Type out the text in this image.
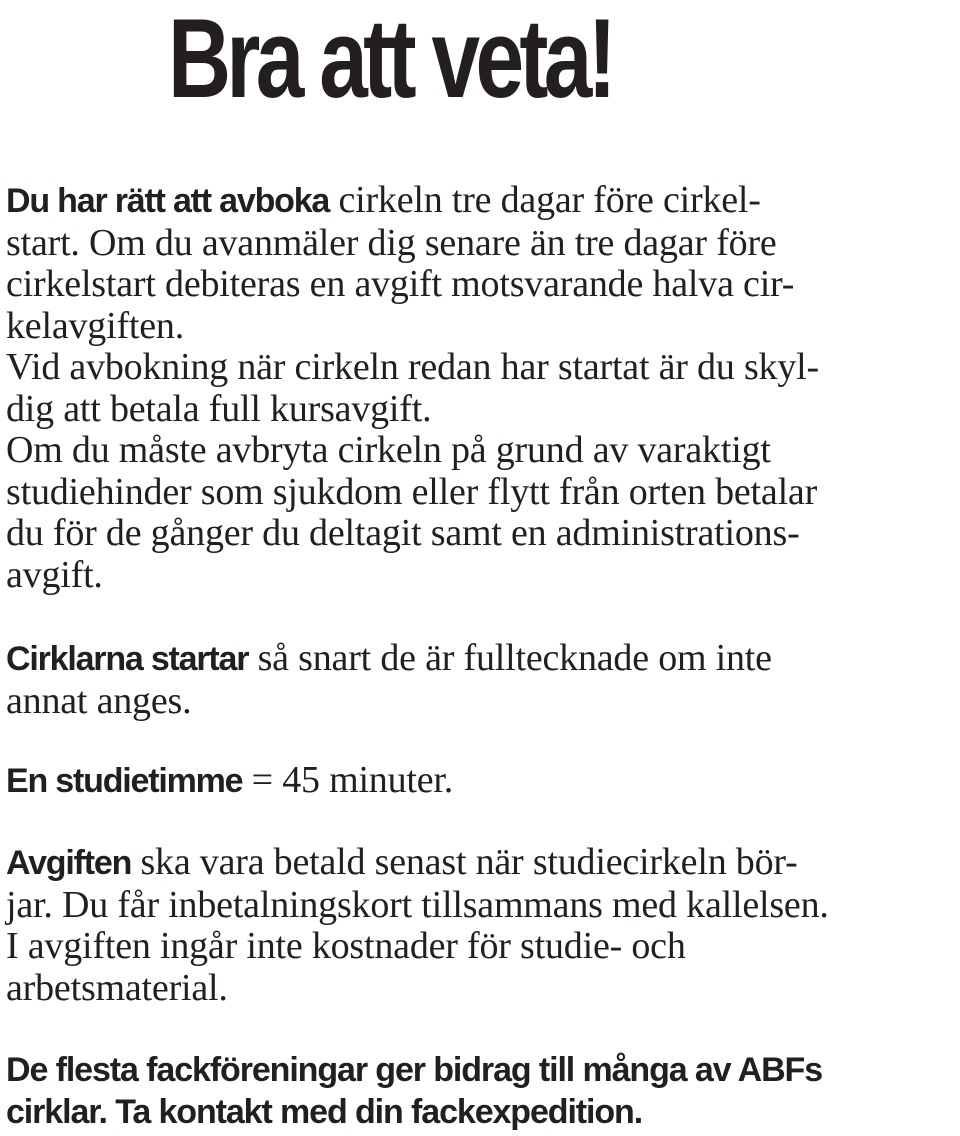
Bra att veta!

Du har rätt att avboka cirkeln tre dagar före cirkel-
start. Om du avanmäler dig senare än tre dagar före
cirkelstart debiteras en avgift motsvarande halva cir-
kelavgiften.
Vid avbokning när cirkeln redan har startat är du skyl-
dig att betala full kursavgift.
Om du måste avbryta cirkeln på grund av varaktigt
studiehinder som sjukdom eller flytt från orten betalar
du för de gånger du deltagit samt en administrations-
avgift.

Cirklarna startar så snart de är fulltecknade om inte
annat anges.

En studietimme = 45 minuter.

Avgiften ska vara betald senast när studiecirkeln bör-
jar. Du får inbetalningskort tillsammans med kallelsen.
I avgiften ingår inte kostnader för studie- och
arbetsmaterial.

De flesta fackföreningar ger bidrag till många av ABFs
cirklar. Ta kontakt med din fackexpedition.
